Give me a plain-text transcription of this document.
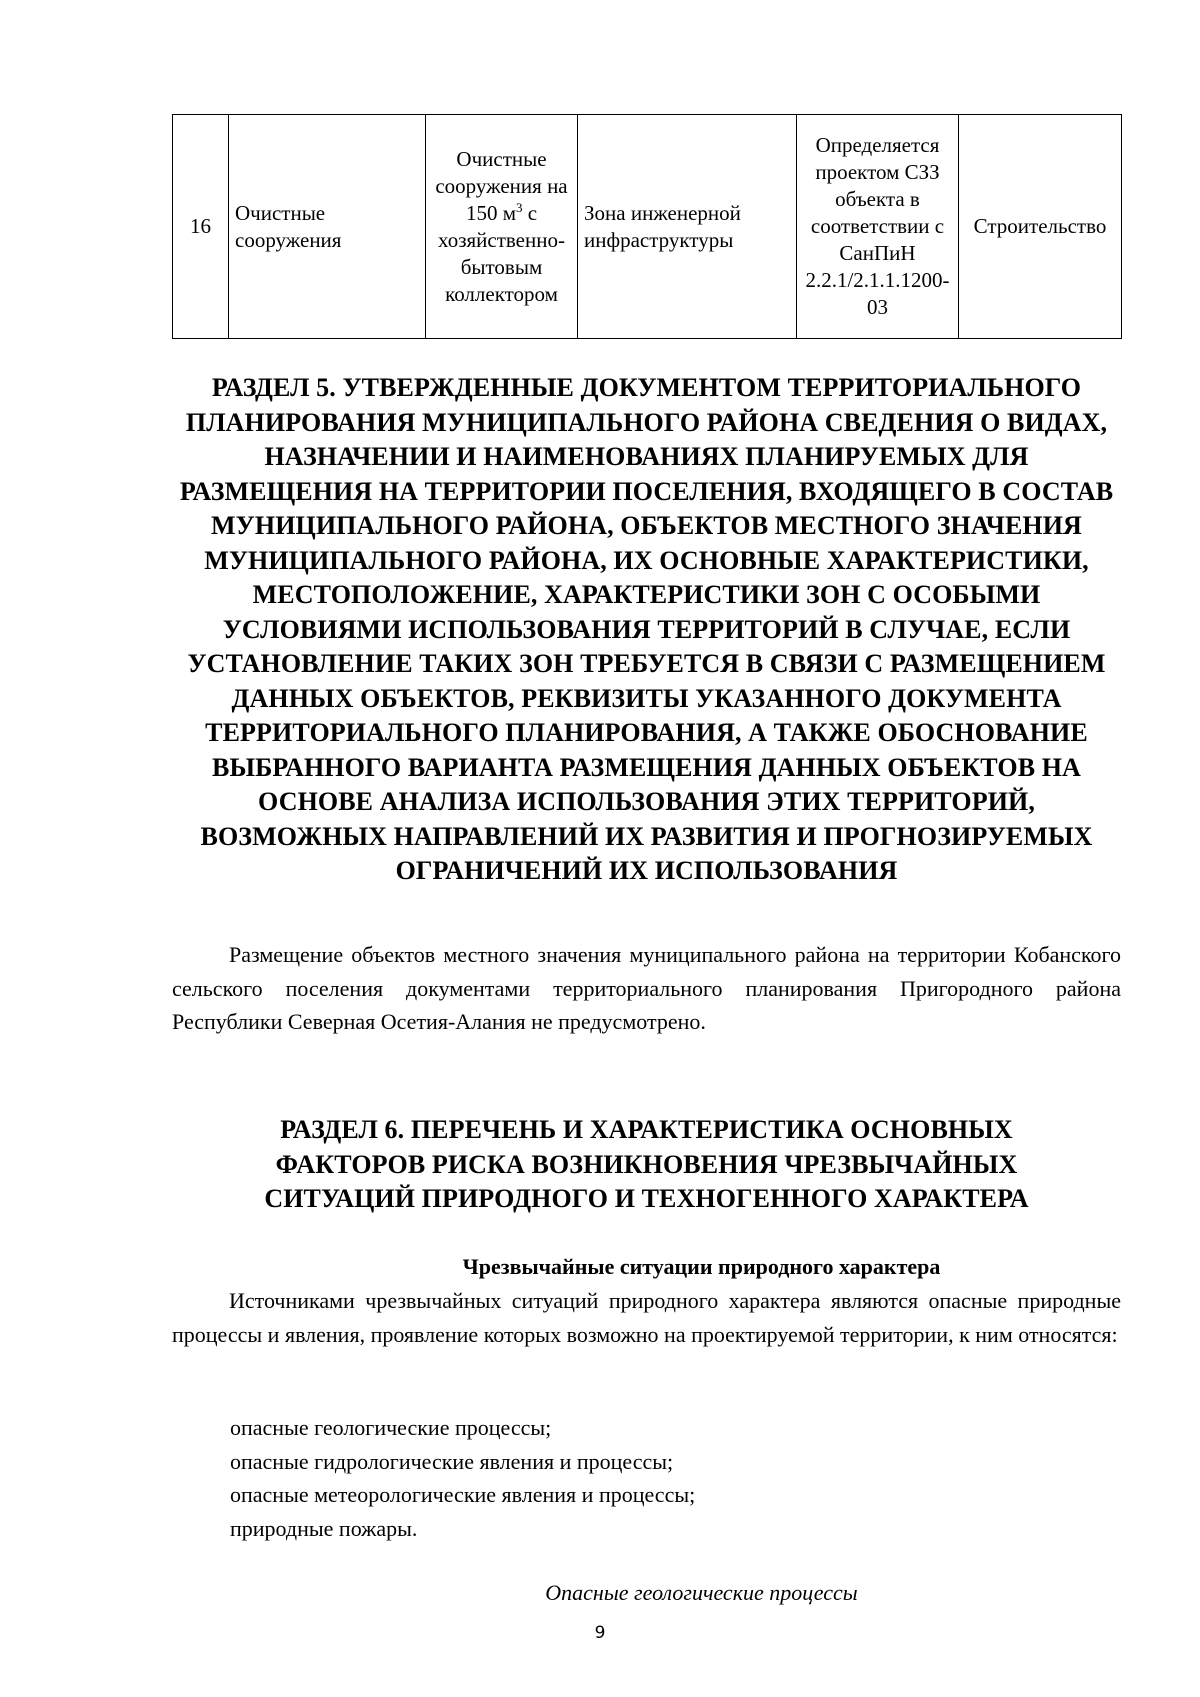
16	Очистные сооружения	Очистные сооружения на 150 $м^3$ с хозяйственно-бытовым коллектором	Зона инженерной инфраструктуры	Определяется проектом СЗЗ объекта в соответствии с СанПиН 2.2.1/2.1.1.1200-03	Строительство
РАЗДЕЛ 5. УТВЕРЖДЕННЫЕ ДОКУМЕНТОМ ТЕРРИТОРИАЛЬНОГО ПЛАНИРОВАНИЯ МУНИЦИПАЛЬНОГО РАЙОНА СВЕДЕНИЯ О ВИДАХ, НАЗНАЧЕНИИ И НАИМЕНОВАНИЯХ ПЛАНИРУЕМЫХ ДЛЯ РАЗМЕЩЕНИЯ НА ТЕРРИТОРИИ ПОСЕЛЕНИЯ, ВХОДЯЩЕГО В СОСТАВ МУНИЦИПАЛЬНОГО РАЙОНА, ОБЪЕКТОВ МЕСТНОГО ЗНАЧЕНИЯ МУНИЦИПАЛЬНОГО РАЙОНА, ИХ ОСНОВНЫЕ ХАРАКТЕРИСТИКИ, МЕСТОПОЛОЖЕНИЕ, ХАРАКТЕРИСТИКИ ЗОН С ОСОБЫМИ УСЛОВИЯМИ ИСПОЛЬЗОВАНИЯ ТЕРРИТОРИЙ В СЛУЧАЕ, ЕСЛИ УСТАНОВЛЕНИЕ ТАКИХ ЗОН ТРЕБУЕТСЯ В СВЯЗИ С РАЗМЕЩЕНИЕМ ДАННЫХ ОБЪЕКТОВ, РЕКВИЗИТЫ УКАЗАННОГО ДОКУМЕНТА ТЕРРИТОРИАЛЬНОГО ПЛАНИРОВАНИЯ, А ТАКЖЕ ОБОСНОВАНИЕ ВЫБРАННОГО ВАРИАНТА РАЗМЕЩЕНИЯ ДАННЫХ ОБЪЕКТОВ НА ОСНОВЕ АНАЛИЗА ИСПОЛЬЗОВАНИЯ ЭТИХ ТЕРРИТОРИЙ, ВОЗМОЖНЫХ НАПРАВЛЕНИЙ ИХ РАЗВИТИЯ И ПРОГНОЗИРУЕМЫХ ОГРАНИЧЕНИЙ ИХ ИСПОЛЬЗОВАНИЯ

Размещение объектов местного значения муниципального района на территории Кобанского сельского поселения документами территориального планирования Пригородного района Республики Северная Осетия-Алания не предусмотрено.

РАЗДЕЛ 6. ПЕРЕЧЕНЬ И ХАРАКТЕРИСТИКА ОСНОВНЫХ ФАКТОРОВ РИСКА ВОЗНИКНОВЕНИЯ ЧРЕЗВЫЧАЙНЫХ СИТУАЦИЙ ПРИРОДНОГО И ТЕХНОГЕННОГО ХАРАКТЕРА
Чрезвычайные ситуации природного характера

Источниками чрезвычайных ситуаций природного характера являются опасные природные процессы и явления, проявление которых возможно на проектируемой территории, к ним относятся:

опасные геологические процессы;
опасные гидрологические явления и процессы;
опасные метеорологические явления и процессы;
природные пожары.
Опасные геологические процессы
9
